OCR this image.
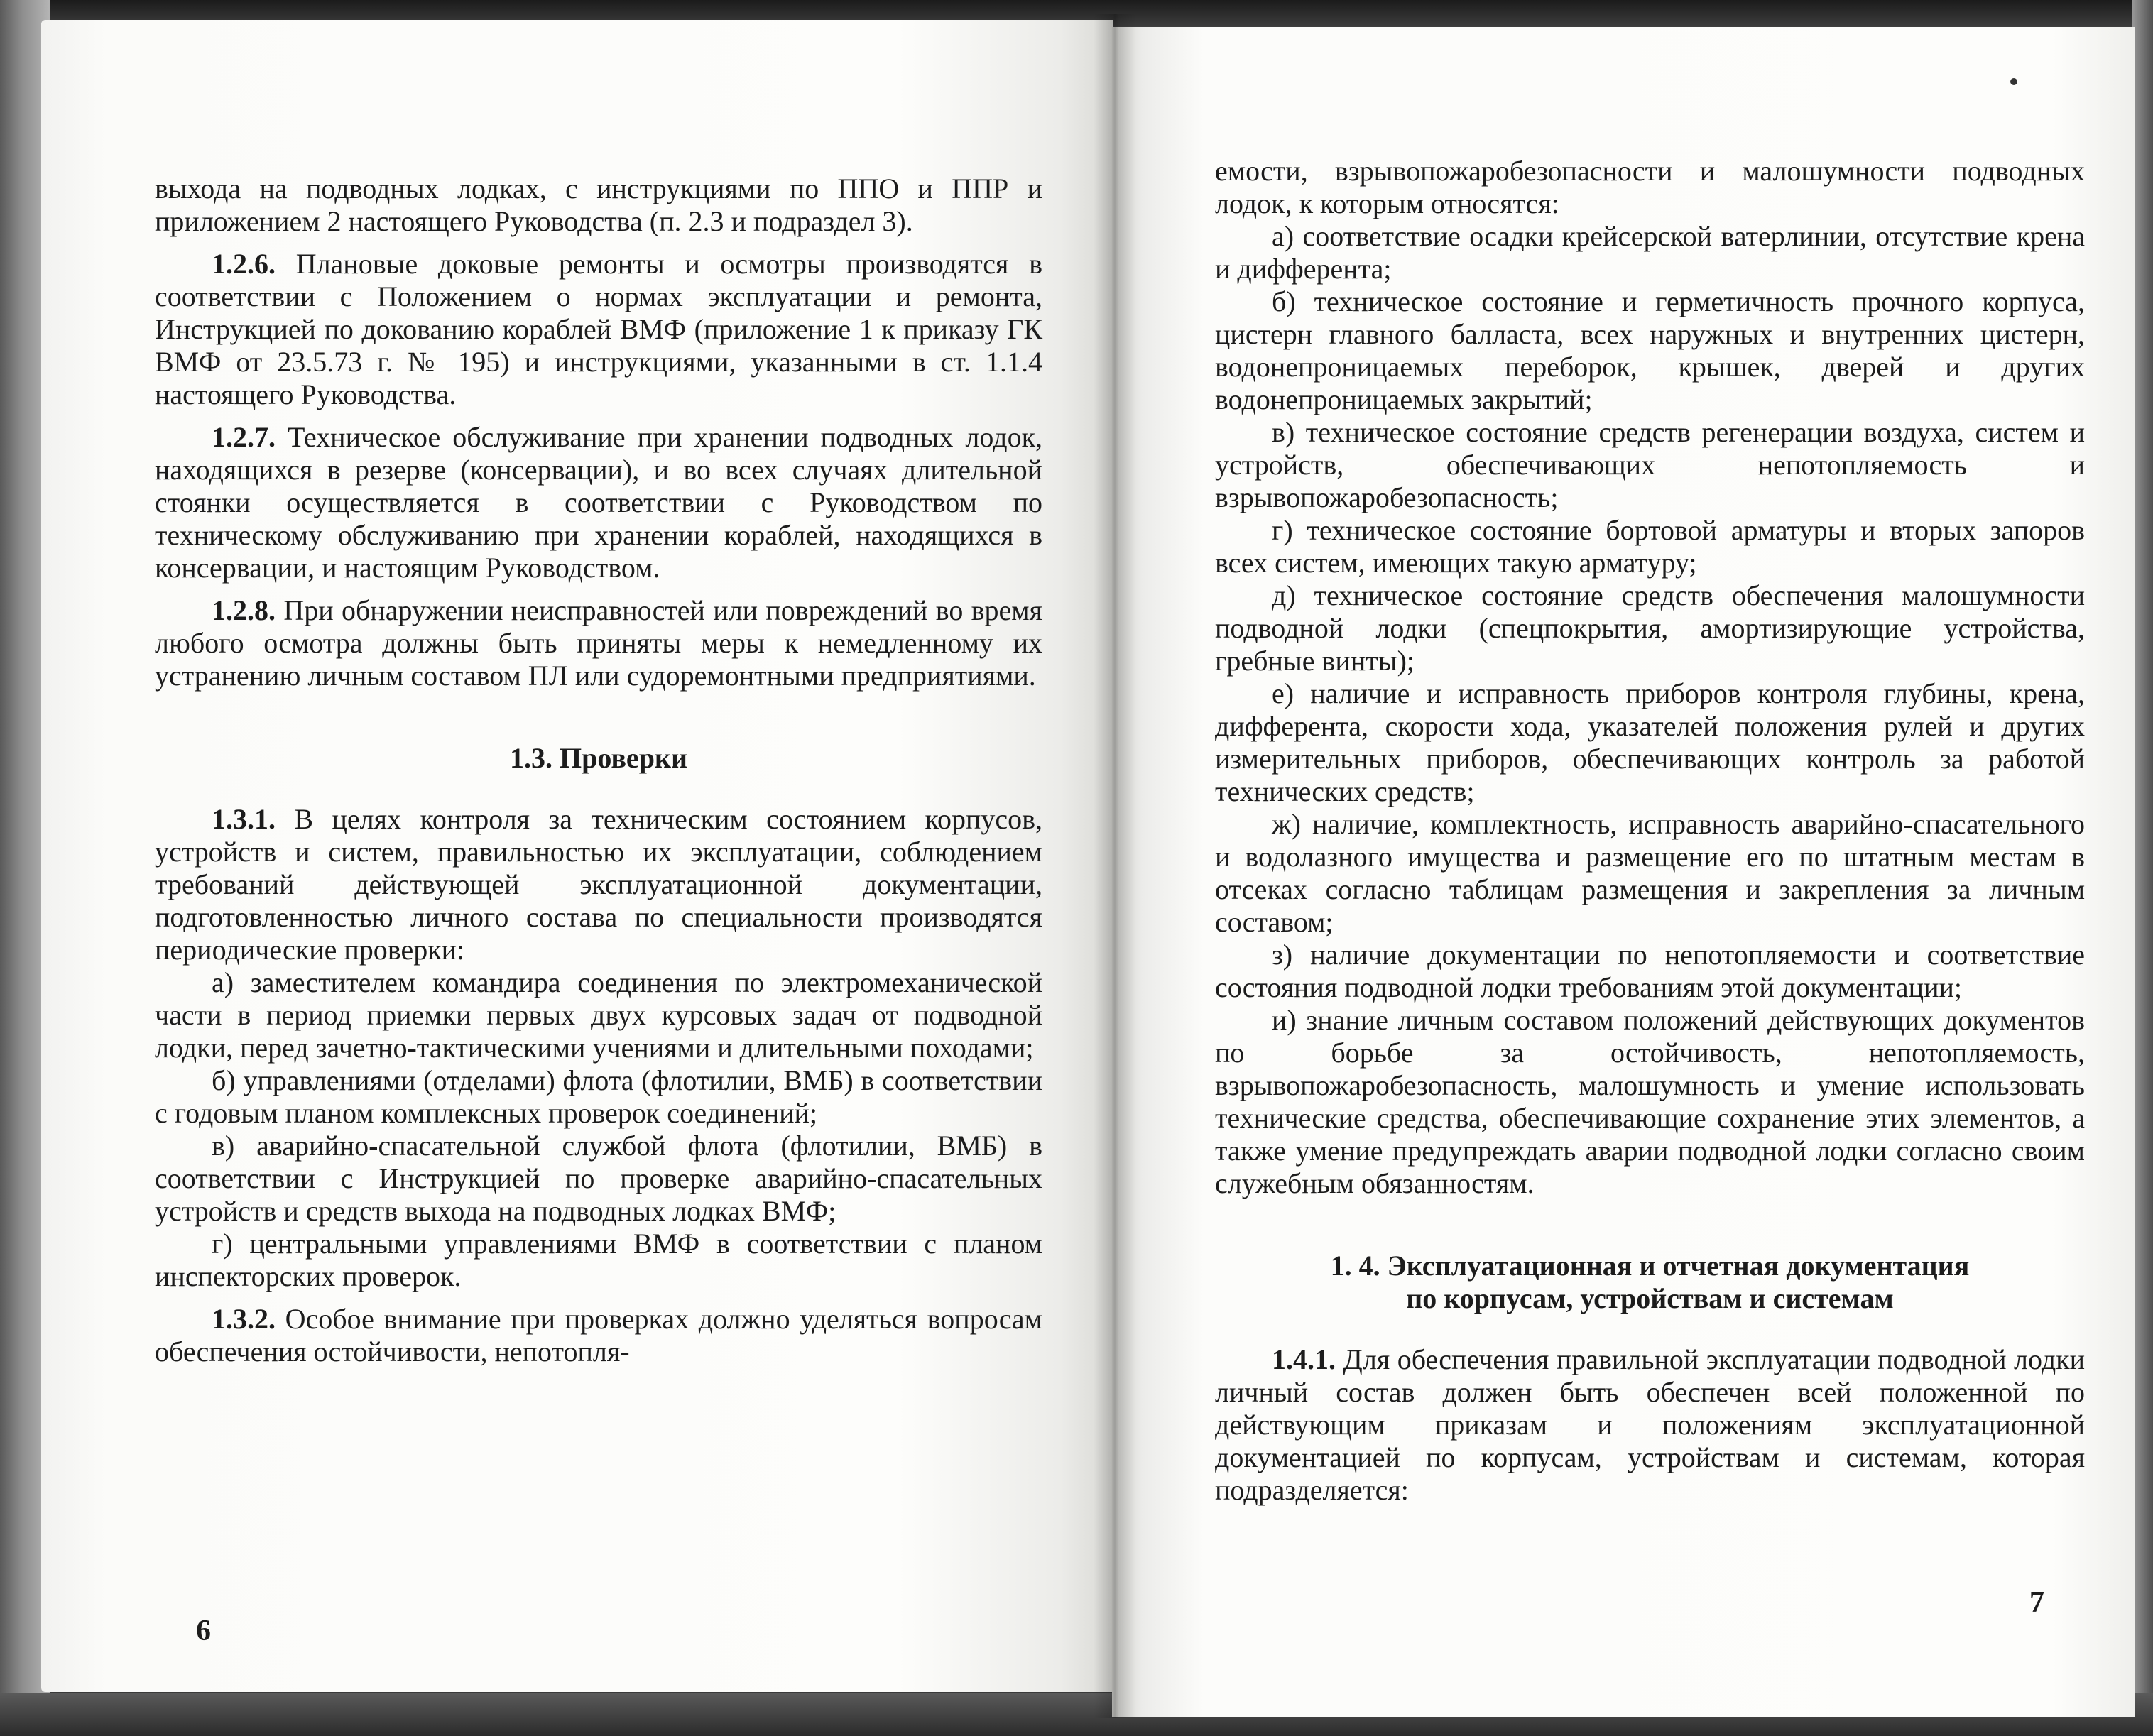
выхода на подводных лодках, с инструкциями по ППО и ППР и приложением 2 настоящего Руководства (п. 2.3 и подраздел 3).

1.2.6. Плановые доковые ремонты и осмотры производятся в соответствии с Положением о нормах эксплуатации и ремонта, Инструкцией по докованию кораблей ВМФ (приложение 1 к приказу ГК ВМФ от 23.5.73 г. № 195) и инструкциями, указанными в ст. 1.1.4 настоящего Руководства.

1.2.7. Техническое обслуживание при хранении подводных лодок, находящихся в резерве (консервации), и во всех случаях длительной стоянки осуществляется в соответствии с Руководством по техническому обслуживанию при хранении кораблей, находящихся в консервации, и настоящим Руководством.

1.2.8. При обнаружении неисправностей или повреждений во время любого осмотра должны быть приняты меры к немедленному их устранению личным составом ПЛ или судоремонтными предприятиями.

1.3. Проверки

1.3.1. В целях контроля за техническим состоянием корпусов, устройств и систем, правильностью их эксплуатации, соблюдением требований действующей эксплуатационной документации, подготовленностью личного состава по специальности производятся периодические проверки:

а) заместителем командира соединения по электромеханической части в период приемки первых двух курсовых задач от подводной лодки, перед зачетно-тактическими учениями и длительными походами;

б) управлениями (отделами) флота (флотилии, ВМБ) в соответствии с годовым планом комплексных проверок соединений;

в) аварийно-спасательной службой флота (флотилии, ВМБ) в соответствии с Инструкцией по проверке аварийно-спасательных устройств и средств выхода на подводных лодках ВМФ;

г) центральными управлениями ВМФ в соответствии с планом инспекторских проверок.

1.3.2. Особое внимание при проверках должно уделяться вопросам обеспечения остойчивости, непотопля-

6

емости, взрывопожаробезопасности и малошумности подводных лодок, к которым относятся:

а) соответствие осадки крейсерской ватерлинии, отсутствие крена и дифферента;

б) техническое состояние и герметичность прочного корпуса, цистерн главного балласта, всех наружных и внутренних цистерн, водонепроницаемых переборок, крышек, дверей и других водонепроницаемых закрытий;

в) техническое состояние средств регенерации воздуха, систем и устройств, обеспечивающих непотопляемость и взрывопожаробезопасность;

г) техническое состояние бортовой арматуры и вторых запоров всех систем, имеющих такую арматуру;

д) техническое состояние средств обеспечения малошумности подводной лодки (спецпокрытия, амортизирующие устройства, гребные винты);

е) наличие и исправность приборов контроля глубины, крена, дифферента, скорости хода, указателей положения рулей и других измерительных приборов, обеспечивающих контроль за работой технических средств;

ж) наличие, комплектность, исправность аварийно-спасательного и водолазного имущества и размещение его по штатным местам в отсеках согласно таблицам размещения и закрепления за личным составом;

з) наличие документации по непотопляемости и соответствие состояния подводной лодки требованиям этой документации;

и) знание личным составом положений действующих документов по борьбе за остойчивость, непотопляемость, взрывопожаробезопасность, малошумность и умение использовать технические средства, обеспечивающие сохранение этих элементов, а также умение предупреждать аварии подводной лодки согласно своим служебным обязанностям.

1. 4. Эксплуатационная и отчетная документация
по корпусам, устройствам и системам

1.4.1. Для обеспечения правильной эксплуатации подводной лодки личный состав должен быть обеспечен всей положенной по действующим приказам и положениям эксплуатационной документацией по корпусам, устройствам и системам, которая подразделяется:

7
